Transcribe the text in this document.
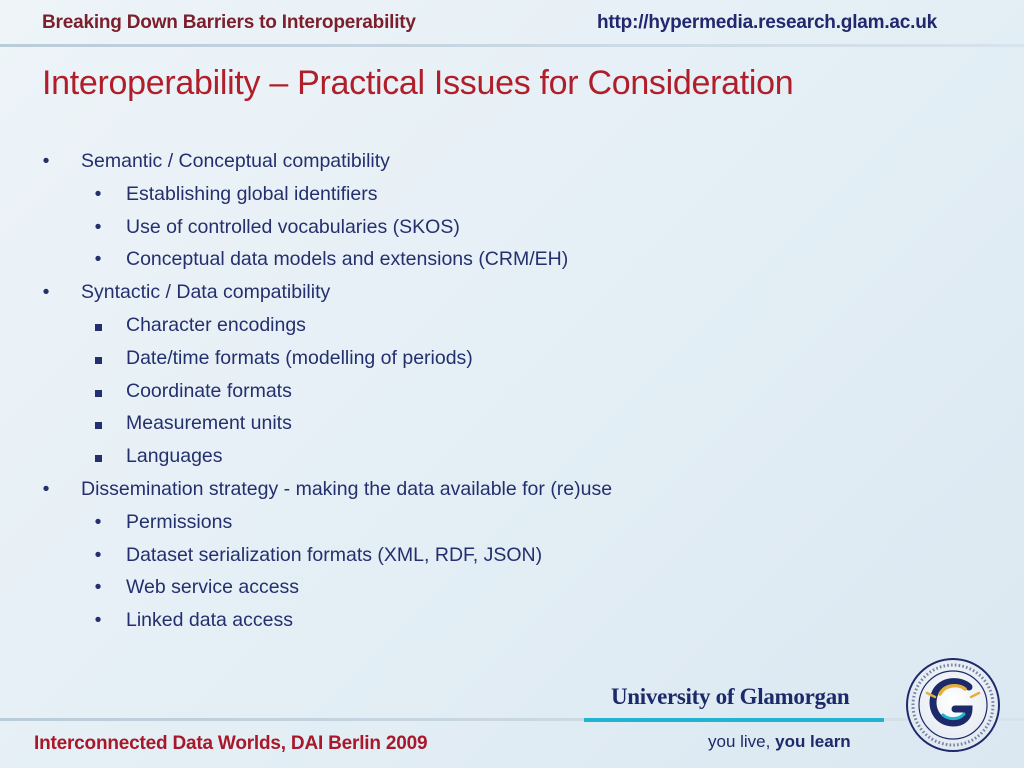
Breaking Down Barriers to Interoperability	http://hypermedia.research.glam.ac.uk
Interoperability – Practical Issues for Consideration
• Semantic / Conceptual compatibility
• Establishing global identifiers
• Use of controlled vocabularies (SKOS)
• Conceptual data models and extensions (CRM/EH)
• Syntactic / Data compatibility
Character encodings
Date/time formats (modelling of periods)
Coordinate formats
Measurement units
Languages
• Dissemination strategy - making the data available for (re)use
• Permissions
• Dataset serialization formats (XML, RDF, JSON)
• Web service access
• Linked data access
Interconnected Data Worlds, DAI Berlin 2009
University of Glamorgan
you live, you learn
